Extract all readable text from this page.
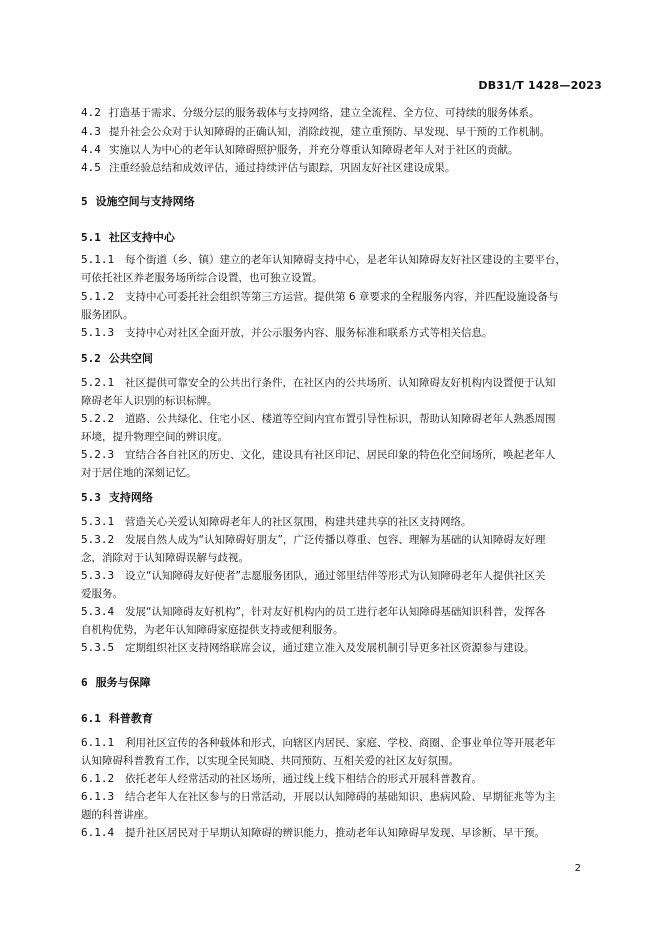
DB31/T 1428—2023
4.2 打造基于需求、分级分层的服务载体与支持网络，建立全流程、全方位、可持续的服务体系。
4.3 提升社会公众对于认知障碍的正确认知，消除歧视，建立重预防、早发现、早干预的工作机制。
4.4 实施以人为中心的老年认知障碍照护服务，并充分尊重认知障碍老年人对于社区的贡献。
4.5 注重经验总结和成效评估，通过持续评估与跟踪，巩固友好社区建设成果。
5 设施空间与支持网络
5.1 社区支持中心
5.1.1 每个街道（乡、镇）建立的老年认知障碍支持中心，是老年认知障碍友好社区建设的主要平台，
可依托社区养老服务场所综合设置，也可独立设置。
5.1.2 支持中心可委托社会组织等第三方运营。提供第 6 章要求的全程服务内容，并匹配设施设备与
服务团队。
5.1.3 支持中心对社区全面开放，并公示服务内容、服务标准和联系方式等相关信息。
5.2 公共空间
5.2.1 社区提供可靠安全的公共出行条件，在社区内的公共场所、认知障碍友好机构内设置便于认知
障碍老年人识别的标识标牌。
5.2.2 道路、公共绿化、住宅小区、楼道等空间内宜布置引导性标识，帮助认知障碍老年人熟悉周围
环境，提升物理空间的辨识度。
5.2.3 宜结合各自社区的历史、文化，建设具有社区印记、居民印象的特色化空间场所，唤起老年人
对于居住地的深刻记忆。
5.3 支持网络
5.3.1 营造关心关爱认知障碍老年人的社区氛围，构建共建共享的社区支持网络。
5.3.2 发展自然人成为“认知障碍好朋友”，广泛传播以尊重、包容、理解为基础的认知障碍友好理
念，消除对于认知障碍误解与歧视。
5.3.3 设立“认知障碍友好使者”志愿服务团队，通过邻里结伴等形式为认知障碍老年人提供社区关
爱服务。
5.3.4 发展“认知障碍友好机构”，针对友好机构内的员工进行老年认知障碍基础知识科普，发挥各
自机构优势，为老年认知障碍家庭提供支持或便利服务。
5.3.5 定期组织社区支持网络联席会议，通过建立准入及发展机制引导更多社区资源参与建设。
6 服务与保障
6.1 科普教育
6.1.1 利用社区宣传的各种载体和形式，向辖区内居民、家庭、学校、商圈、企事业单位等开展老年
认知障碍科普教育工作，以实现全民知晓、共同预防、互相关爱的社区友好氛围。
6.1.2 依托老年人经常活动的社区场所，通过线上线下相结合的形式开展科普教育。
6.1.3 结合老年人在社区参与的日常活动，开展以认知障碍的基础知识、患病风险、早期征兆等为主
题的科普讲座。
6.1.4 提升社区居民对于早期认知障碍的辨识能力，推动老年认知障碍早发现、早诊断、早干预。
2
